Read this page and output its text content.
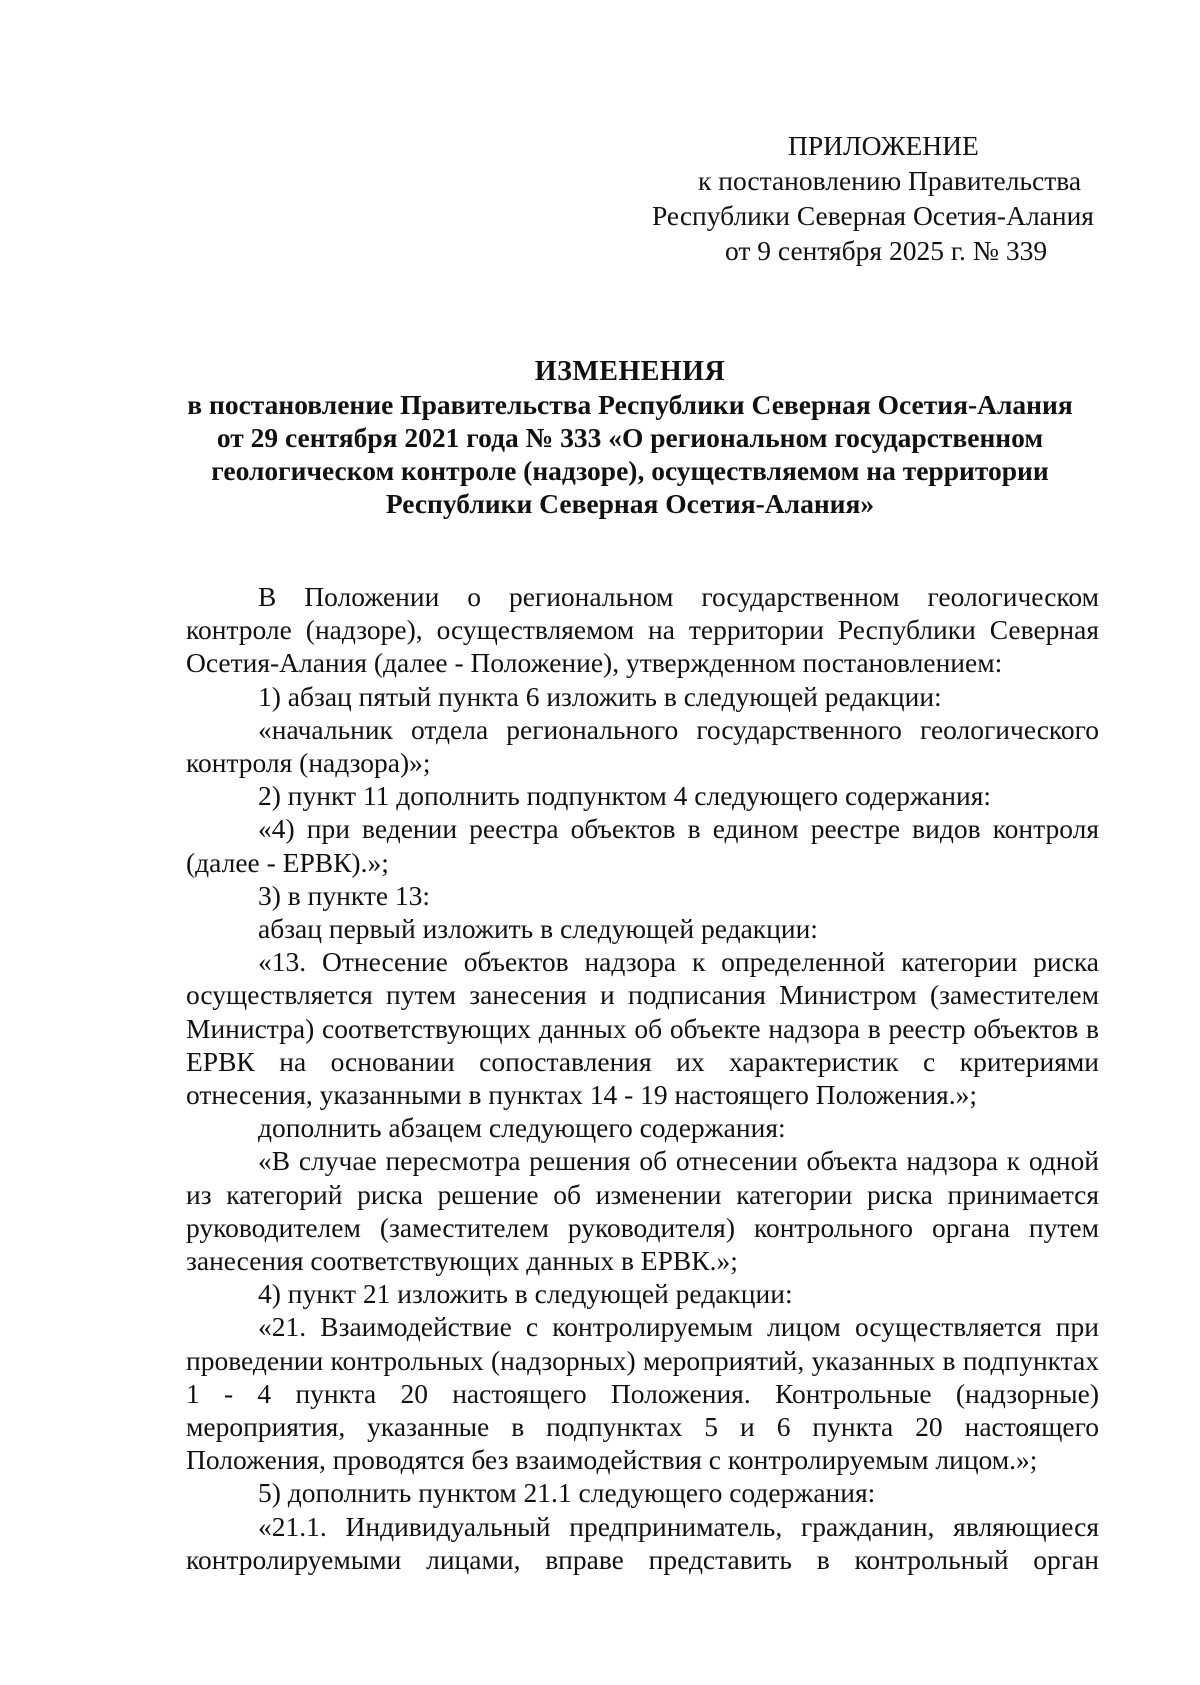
ПРИЛОЖЕНИЕ
к постановлению Правительства
Республики Северная Осетия-Алания
от 9 сентября 2025 г. № 339
ИЗМЕНЕНИЯ
в постановление Правительства Республики Северная Осетия-Алания
от 29 сентября 2021 года № 333 «О региональном государственном
геологическом контроле (надзоре), осуществляемом на территории
Республики Северная Осетия-Алания»

В Положении о региональном государственном геологическом контроле (надзоре), осуществляемом на территории Республики Северная Осетия-Алания (далее - Положение), утвержденном постановлением:

1) абзац пятый пункта 6 изложить в следующей редакции:

«начальник отдела регионального государственного геологического контроля (надзора)»;

2) пункт 11 дополнить подпунктом 4 следующего содержания:

«4) при ведении реестра объектов в едином реестре видов контроля (далее - ЕРВК).»;

3) в пункте 13:

абзац первый изложить в следующей редакции:

«13. Отнесение объектов надзора к определенной категории риска осуществляется путем занесения и подписания Министром (заместителем Министра) соответствующих данных об объекте надзора в реестр объектов в ЕРВК на основании сопоставления их характеристик с критериями отнесения, указанными в пунктах 14 - 19 настоящего Положения.»;

дополнить абзацем следующего содержания:

«В случае пересмотра решения об отнесении объекта надзора к одной из категорий риска решение об изменении категории риска принимается руководителем (заместителем руководителя) контрольного органа путем занесения соответствующих данных в ЕРВК.»;

4) пункт 21 изложить в следующей редакции:

«21. Взаимодействие с контролируемым лицом осуществляется при проведении контрольных (надзорных) мероприятий, указанных в подпунктах 1 - 4 пункта 20 настоящего Положения. Контрольные (надзорные) мероприятия, указанные в подпунктах 5 и 6 пункта 20 настоящего Положения, проводятся без взаимодействия с контролируемым лицом.»;

5) дополнить пунктом 21.1 следующего содержания:

«21.1. Индивидуальный предприниматель, гражданин, являющиеся контролируемыми лицами, вправе представить в контрольный орган
